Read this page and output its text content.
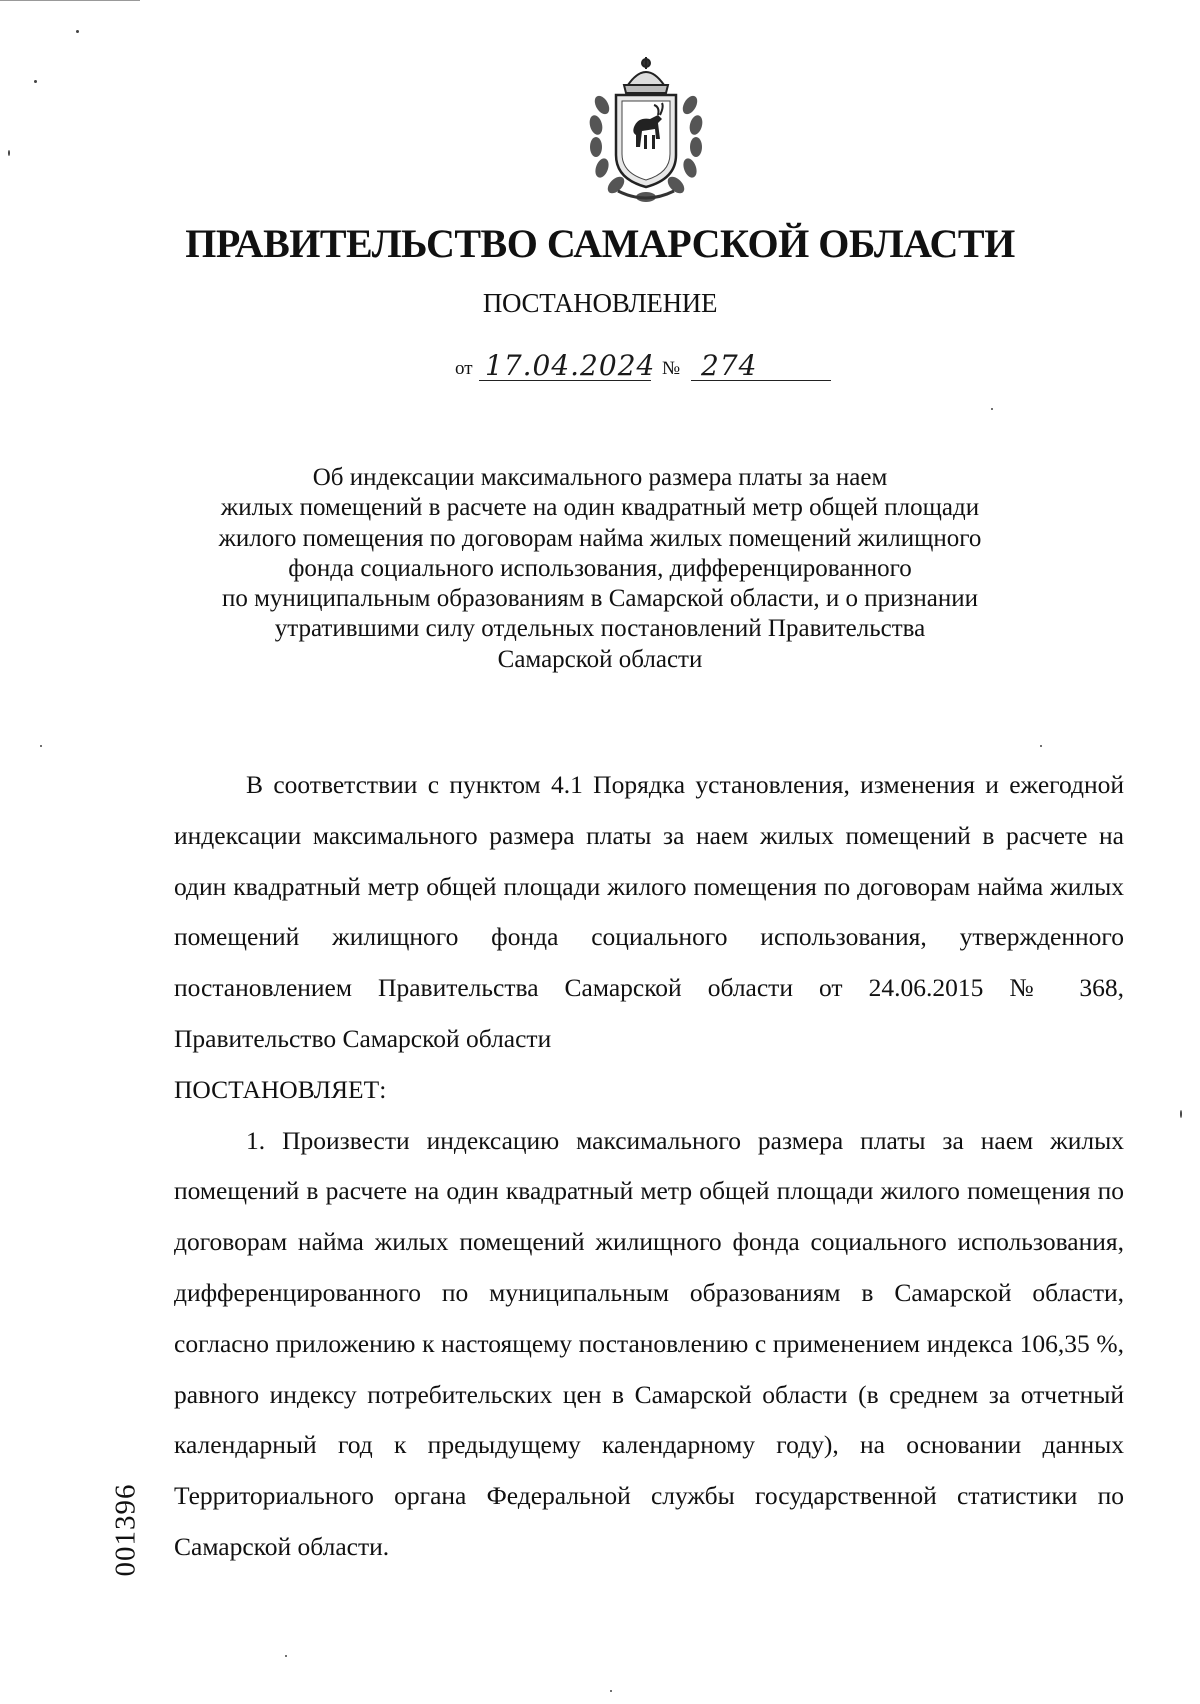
ПРАВИТЕЛЬСТВО САМАРСКОЙ ОБЛАСТИ
ПОСТАНОВЛЕНИЕ
от 17.04.2024 № 274
Об индексации максимального размера платы за наем
жилых помещений в расчете на один квадратный метр общей площади
жилого помещения по договорам найма жилых помещений жилищного
фонда социального использования, дифференцированного
по муниципальным образованиям в Самарской области, и о признании
утратившими силу отдельных постановлений Правительства
Самарской области

В соответствии с пунктом 4.1 Порядка установления, изменения и ежегодной индексации максимального размера платы за наем жилых помещений в расчете на один квадратный метр общей площади жилого помещения по договорам найма жилых помещений жилищного фонда социального использования, утвержденного постановлением Правительства Самарской области от 24.06.2015 № 368, Правительство Самарской области

ПОСТАНОВЛЯЕТ:

1. Произвести индексацию максимального размера платы за наем жилых помещений в расчете на один квадратный метр общей площади жилого помещения по договорам найма жилых помещений жилищного фонда социального использования, дифференцированного по муниципальным образованиям в Самарской области, согласно приложению к настоящему постановлению с применением индекса 106,35 %, равного индексу потребительских цен в Самарской области (в среднем за отчетный календарный год к предыдущему календарному году), на основании данных Территориального органа Федеральной службы государственной статистики по Самарской области.

001396
